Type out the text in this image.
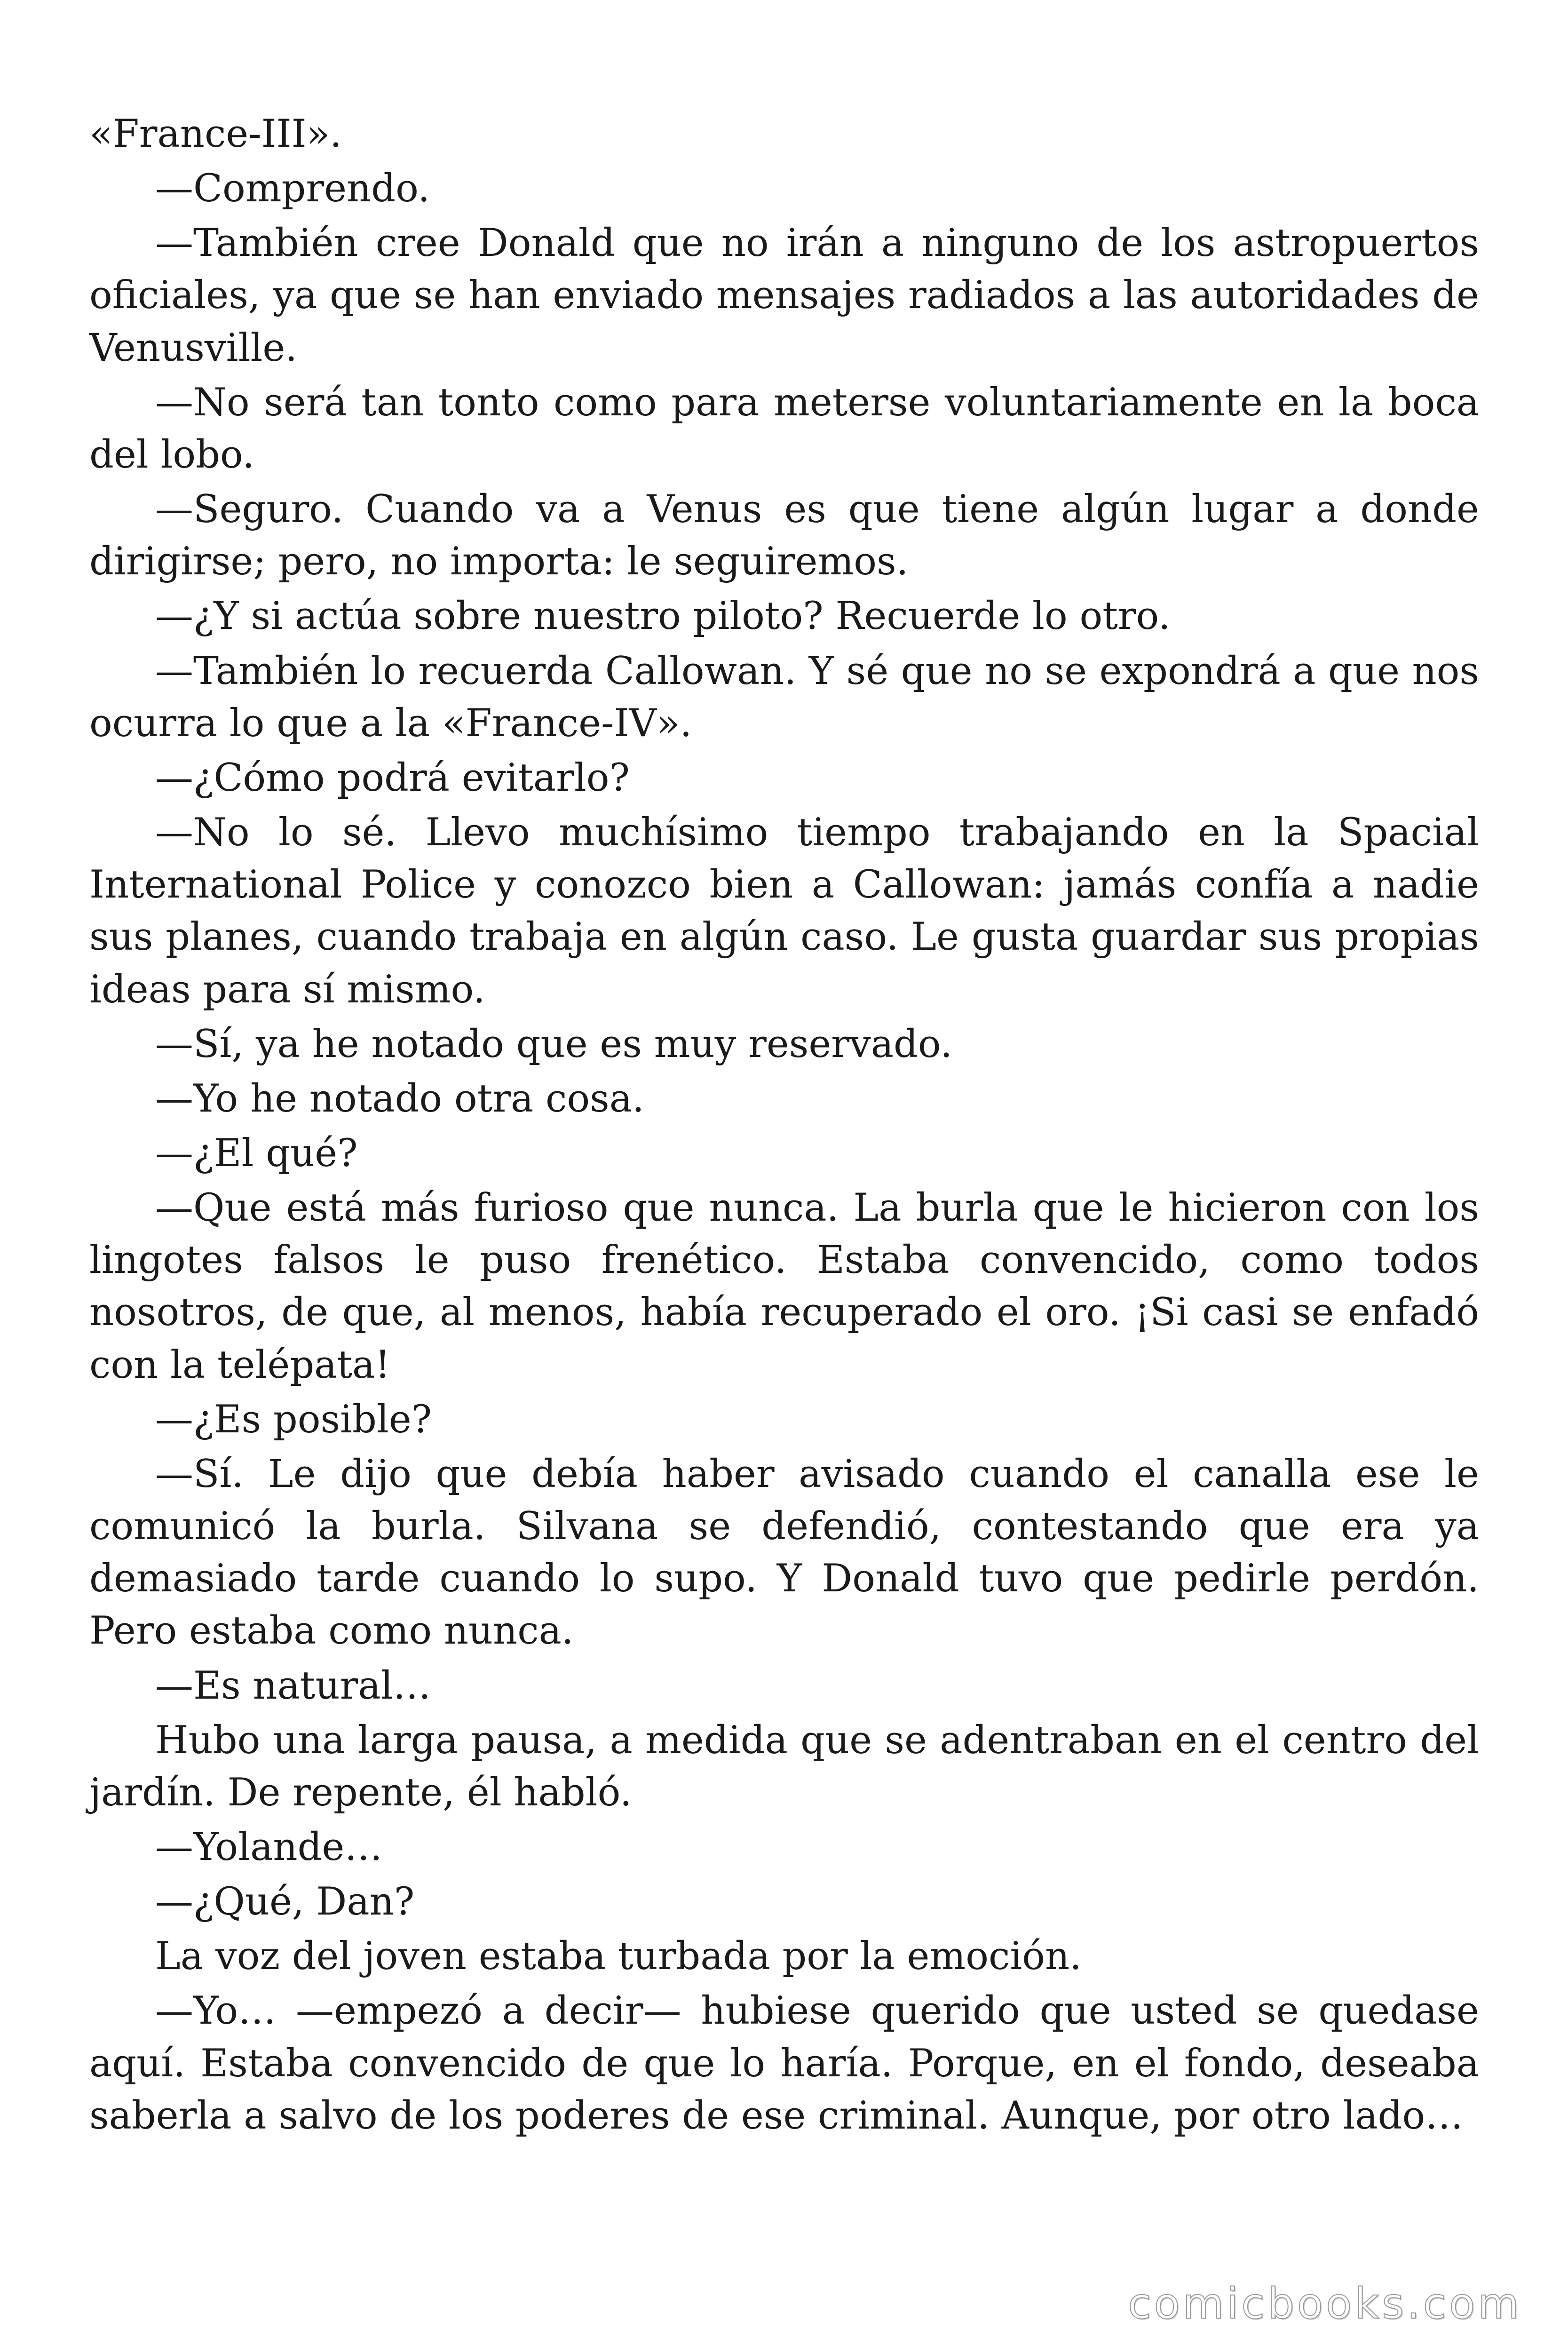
«France-III».

—Comprendo.

—También cree Donald que no irán a ninguno de los astropuertos oficiales, ya que se han enviado mensajes radiados a las autoridades de Venusville.

—No será tan tonto como para meterse voluntariamente en la boca del lobo.

—Seguro. Cuando va a Venus es que tiene algún lugar a donde dirigirse; pero, no importa: le seguiremos.

—¿Y si actúa sobre nuestro piloto? Recuerde lo otro.

—También lo recuerda Callowan. Y sé que no se expondrá a que nos ocurra lo que a la «France-IV».

—¿Cómo podrá evitarlo?

—No lo sé. Llevo muchísimo tiempo trabajando en la Spacial International Police y conozco bien a Callowan: jamás confía a nadie sus planes, cuando trabaja en algún caso. Le gusta guardar sus propias ideas para sí mismo.

—Sí, ya he notado que es muy reservado.

—Yo he notado otra cosa.

—¿El qué?

—Que está más furioso que nunca. La burla que le hicieron con los lingotes falsos le puso frenético. Estaba convencido, como todos nosotros, de que, al menos, había recuperado el oro. ¡Si casi se enfadó con la telépata!

—¿Es posible?

—Sí. Le dijo que debía haber avisado cuando el canalla ese le comunicó la burla. Silvana se defendió, contestando que era ya demasiado tarde cuando lo supo. Y Donald tuvo que pedirle perdón. Pero estaba como nunca.

—Es natural…

Hubo una larga pausa, a medida que se adentraban en el centro del jardín. De repente, él habló.

—Yolande…

—¿Qué, Dan?

La voz del joven estaba turbada por la emoción.

—Yo… —empezó a decir— hubiese querido que usted se quedase aquí. Estaba convencido de que lo haría. Porque, en el fondo, deseaba saberla a salvo de los poderes de ese criminal. Aunque, por otro lado…

comicbooks.com
